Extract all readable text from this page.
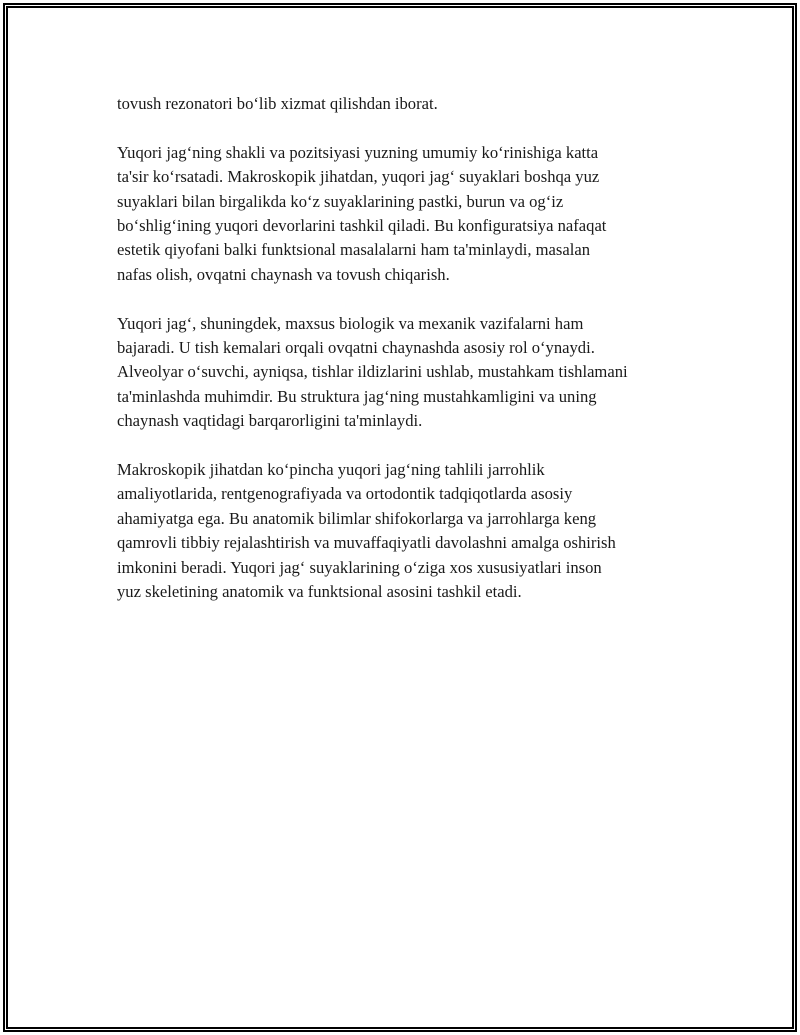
tovush rezonatori bo‘lib xizmat qilishdan iborat.

Yuqori jag‘ning shakli va pozitsiyasi yuzning umumiy ko‘rinishiga katta
ta'sir ko‘rsatadi. Makroskopik jihatdan, yuqori jag‘ suyaklari boshqa yuz
suyaklari bilan birgalikda ko‘z suyaklarining pastki, burun va og‘iz
bo‘shlig‘ining yuqori devorlarini tashkil qiladi. Bu konfiguratsiya nafaqat
estetik qiyofani balki funktsional masalalarni ham ta'minlaydi, masalan
nafas olish, ovqatni chaynash va tovush chiqarish.

Yuqori jag‘, shuningdek, maxsus biologik va mexanik vazifalarni ham
bajaradi. U tish kemalari orqali ovqatni chaynashda asosiy rol o‘ynaydi.
Alveolyar o‘suvchi, ayniqsa, tishlar ildizlarini ushlab, mustahkam tishlamani
ta'minlashda muhimdir. Bu struktura jag‘ning mustahkamligini va uning
chaynash vaqtidagi barqarorligini ta'minlaydi.

Makroskopik jihatdan ko‘pincha yuqori jag‘ning tahlili jarrohlik
amaliyotlarida, rentgenografiyada va ortodontik tadqiqotlarda asosiy
ahamiyatga ega. Bu anatomik bilimlar shifokorlarga va jarrohlarga keng
qamrovli tibbiy rejalashtirish va muvaffaqiyatli davolashni amalga oshirish
imkonini beradi. Yuqori jag‘ suyaklarining o‘ziga xos xususiyatlari inson
yuz skeletining anatomik va funktsional asosini tashkil etadi.
